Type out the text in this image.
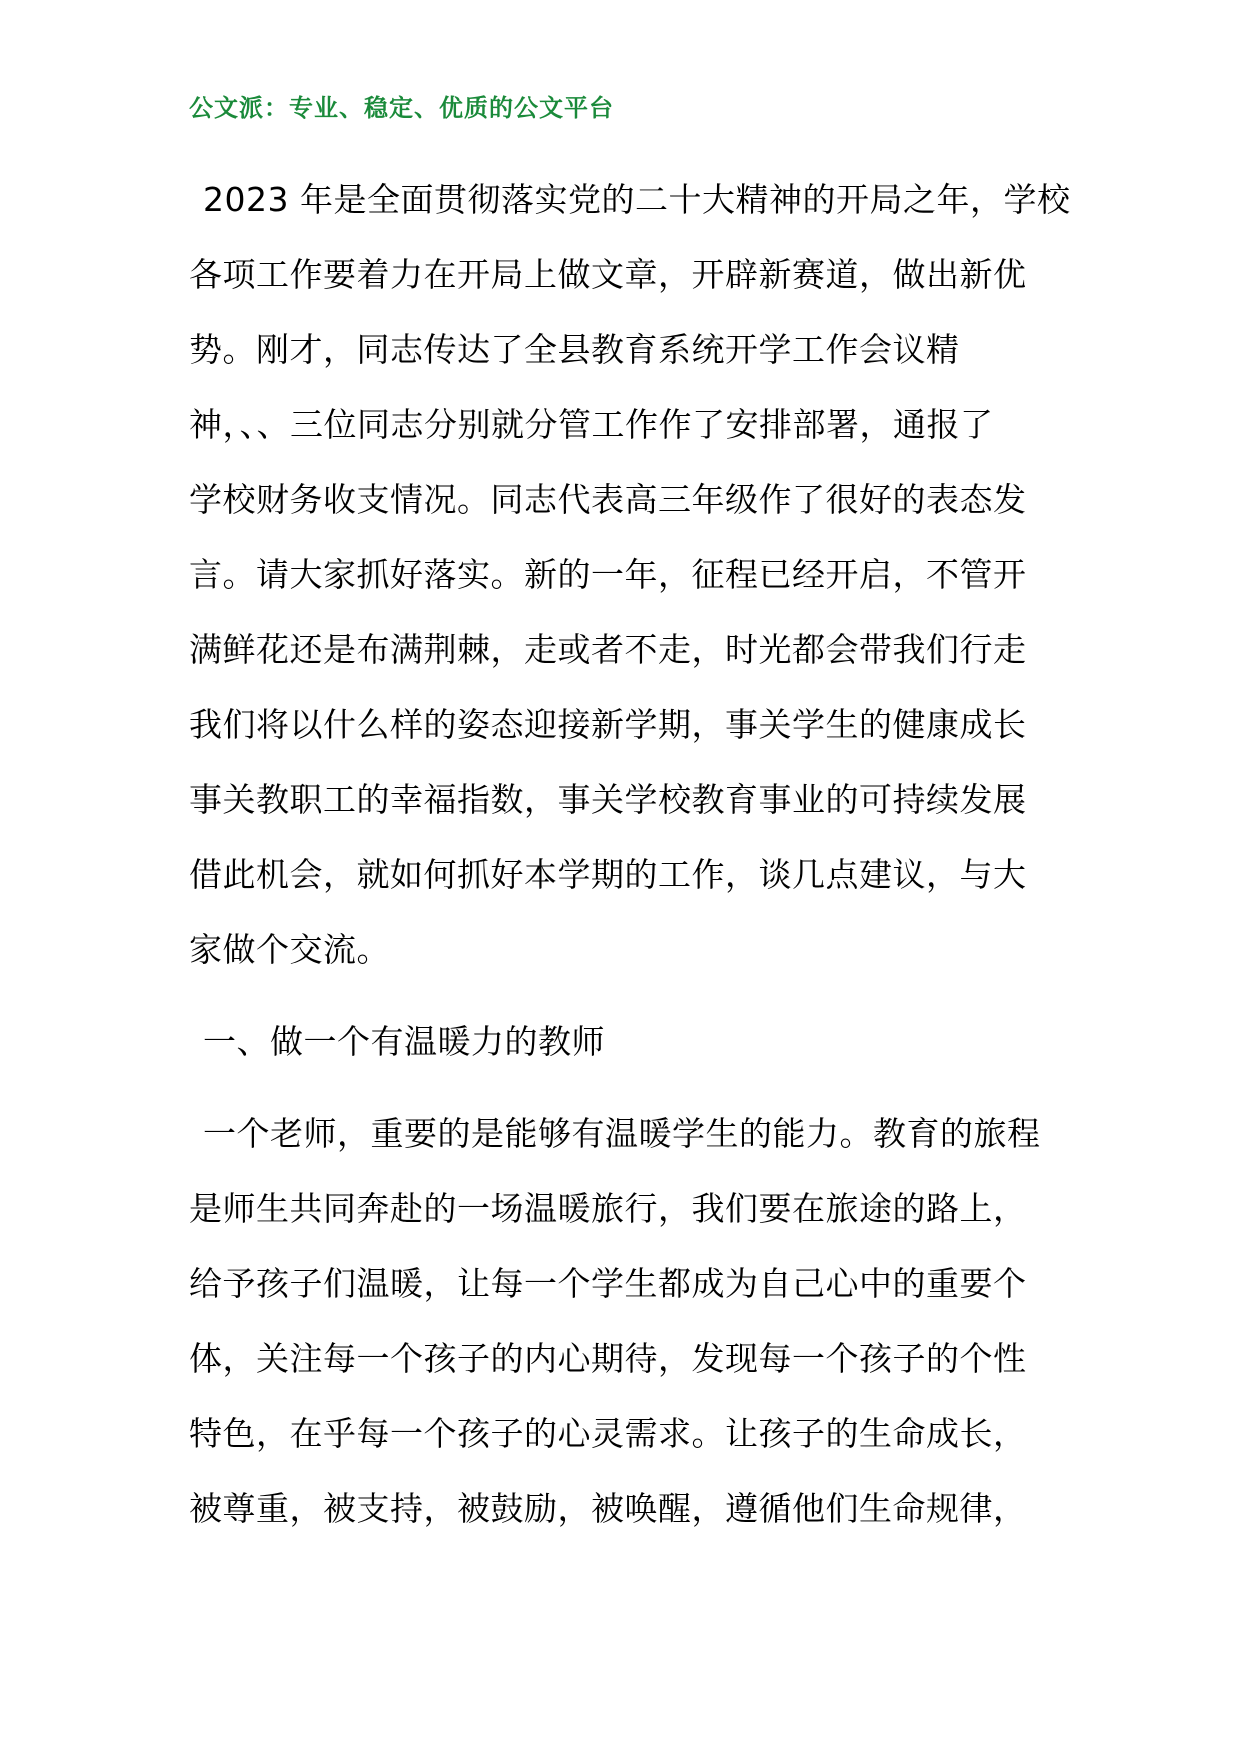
公文派：专业、稳定、优质的公文平台
2023 年是全面贯彻落实党的二十大精神的开局之年，学校
各项工作要着力在开局上做文章，开辟新赛道，做出新优
势。刚才，同志传达了全县教育系统开学工作会议精
神，、、三位同志分别就分管工作作了安排部署，通报了
学校财务收支情况。同志代表高三年级作了很好的表态发
言。请大家抓好落实。新的一年，征程已经开启，不管开
满鲜花还是布满荆棘，走或者不走，时光都会带我们行走
我们将以什么样的姿态迎接新学期，事关学生的健康成长
事关教职工的幸福指数，事关学校教育事业的可持续发展
借此机会，就如何抓好本学期的工作，谈几点建议，与大
家做个交流。
一、做一个有温暖力的教师
一个老师，重要的是能够有温暖学生的能力。教育的旅程
是师生共同奔赴的一场温暖旅行，我们要在旅途的路上，
给予孩子们温暖，让每一个学生都成为自己心中的重要个
体，关注每一个孩子的内心期待，发现每一个孩子的个性
特色，在乎每一个孩子的心灵需求。让孩子的生命成长，
被尊重，被支持，被鼓励，被唤醒，遵循他们生命规律，
